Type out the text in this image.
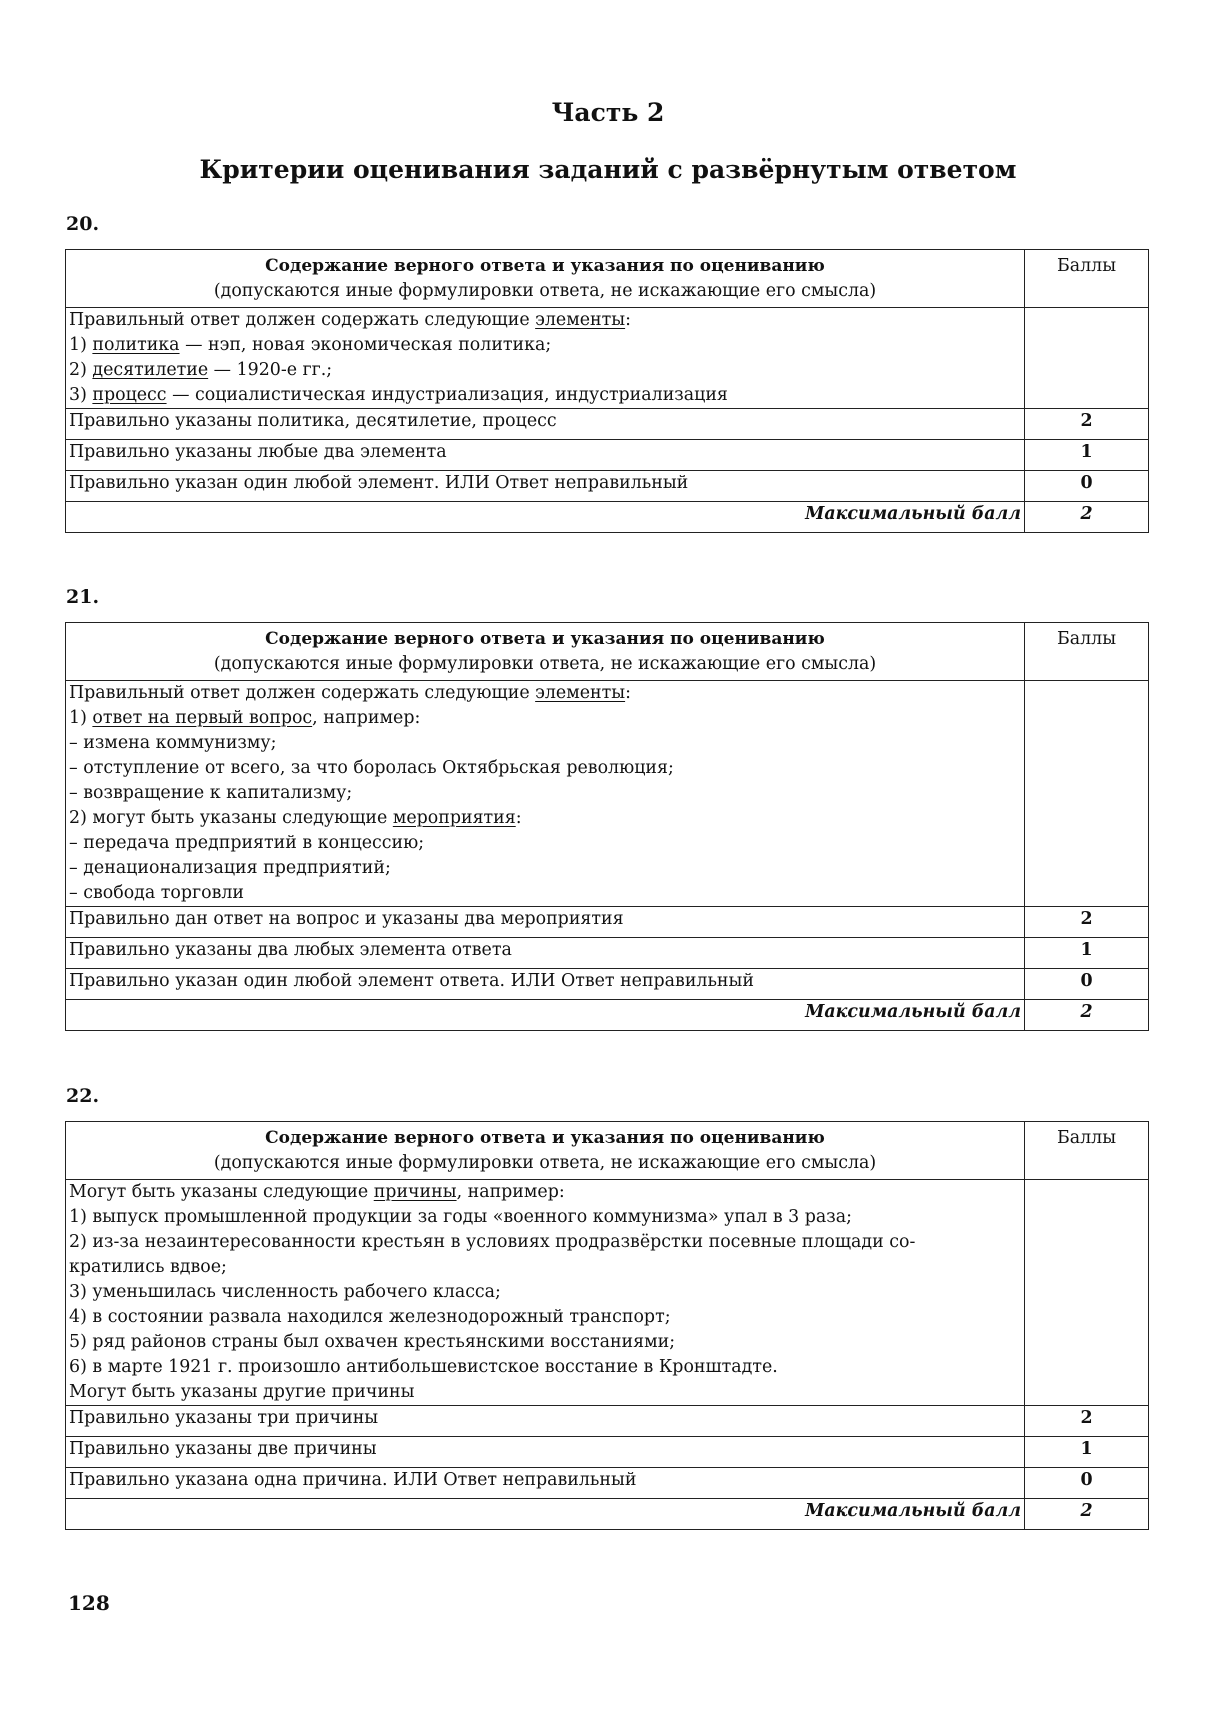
Часть 2
Критерии оценивания заданий с развёрнутым ответом
20.
Содержание верного ответа и указания по оцениванию
(допускаются иные формулировки ответа, не искажающие его смысла)	Баллы

Правильный ответ должен содержать следующие элементы:
1) политика — нэп, новая экономическая политика;
2) десятилетие — 1920-е гг.;
3) процесс — социалистическая индустриализация, индустриализация	

Правильно указаны политика, десятилетие, процесс	2
Правильно указаны любые два элемента	1
Правильно указан один любой элемент. ИЛИ Ответ неправильный	0
Максимальный балл	2
21.
Содержание верного ответа и указания по оцениванию
(допускаются иные формулировки ответа, не искажающие его смысла)	Баллы

Правильный ответ должен содержать следующие элементы:
1) ответ на первый вопрос, например:
– измена коммунизму;
– отступление от всего, за что боролась Октябрьская революция;
– возвращение к капитализму;
2) могут быть указаны следующие мероприятия:
– передача предприятий в концессию;
– денационализация предприятий;
– свобода торговли

Правильно дан ответ на вопрос и указаны два мероприятия	2
Правильно указаны два любых элемента ответа	1
Правильно указан один любой элемент ответа. ИЛИ Ответ неправильный	0
Максимальный балл	2
22.
Содержание верного ответа и указания по оцениванию
(допускаются иные формулировки ответа, не искажающие его смысла)	Баллы

Могут быть указаны следующие причины, например:
1) выпуск промышленной продукции за годы «военного коммунизма» упал в 3 раза;
2) из-за незаинтересованности крестьян в условиях продразвёрстки посевные площади со-
кратились вдвое;
3) уменьшилась численность рабочего класса;
4) в состоянии развала находился железнодорожный транспорт;
5) ряд районов страны был охвачен крестьянскими восстаниями;
6) в марте 1921 г. произошло антибольшевистское восстание в Кронштадте.
Могут быть указаны другие причины

Правильно указаны три причины	2
Правильно указаны две причины	1
Правильно указана одна причина. ИЛИ Ответ неправильный	0
Максимальный балл	2
128
